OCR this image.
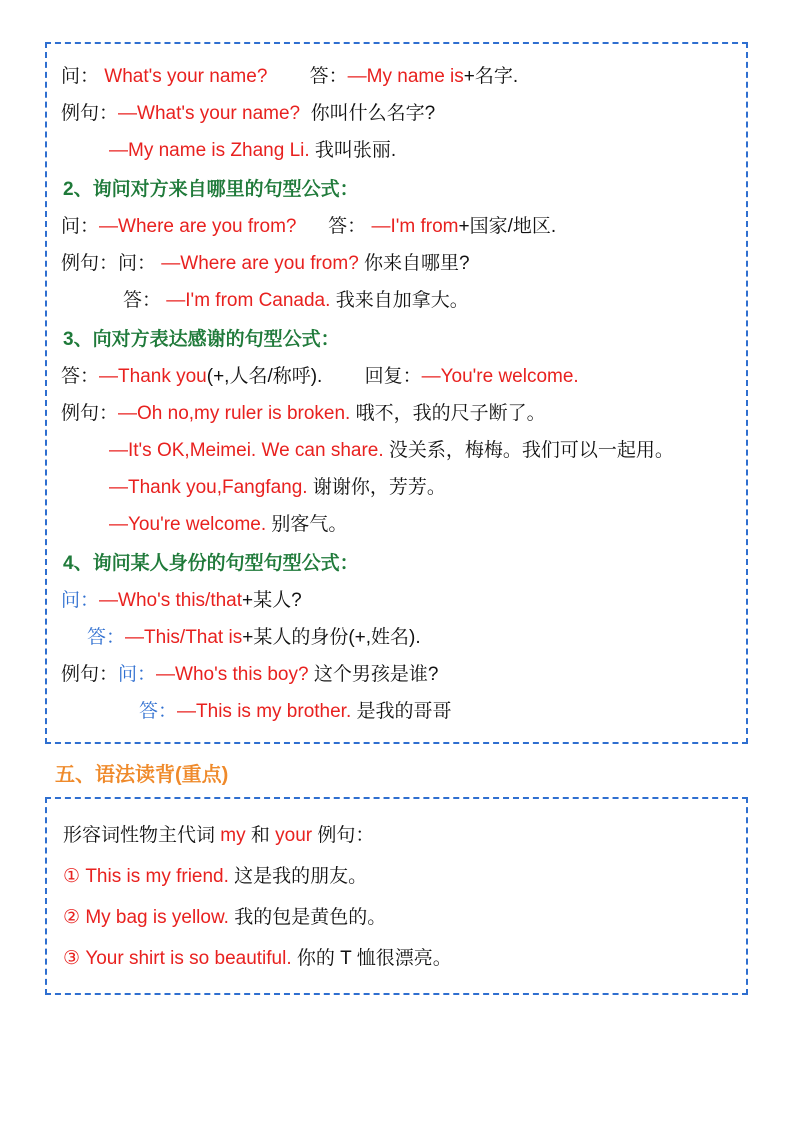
问：
What's your name?
答： —My name is +名字.
例句： —What's your name?
你叫什么名字?
—My name is Zhang Li. 我叫张丽.
2、询问对方来自哪里的句型公式：
问： —Where are you from?
答： —I'm from +国家/地区.
例句： 问： —Where are you from? 你来自哪里?
答： —I'm from Canada. 我来自加拿大。
3、向对方表达感谢的句型公式：
答： —Thank you (+,人名/称呼).
回复： —You're welcome.
例句： —Oh no,my ruler is broken. 哦不，我的尺子断了。
—It's OK,Meimei. We can share. 没关系，梅梅。我们可以一起用。
—Thank you,Fangfang. 谢谢你，芳芳。
—You're welcome. 别客气。
4、询问某人身份的句型句型公式：
问： —Who's this/that +某人?
答： —This/That is +某人的身份(+,姓名).
例句： 问： —Who's this boy? 这个男孩是谁?
答： —This is my brother. 是我的哥哥
五、语法读背(重点)
形容词性物主代词 my 和 your 例句：
① This is my friend. 这是我的朋友。
② My bag is yellow. 我的包是黄色的。
③ Your shirt is so beautiful. 你的 T 恤很漂亮。
